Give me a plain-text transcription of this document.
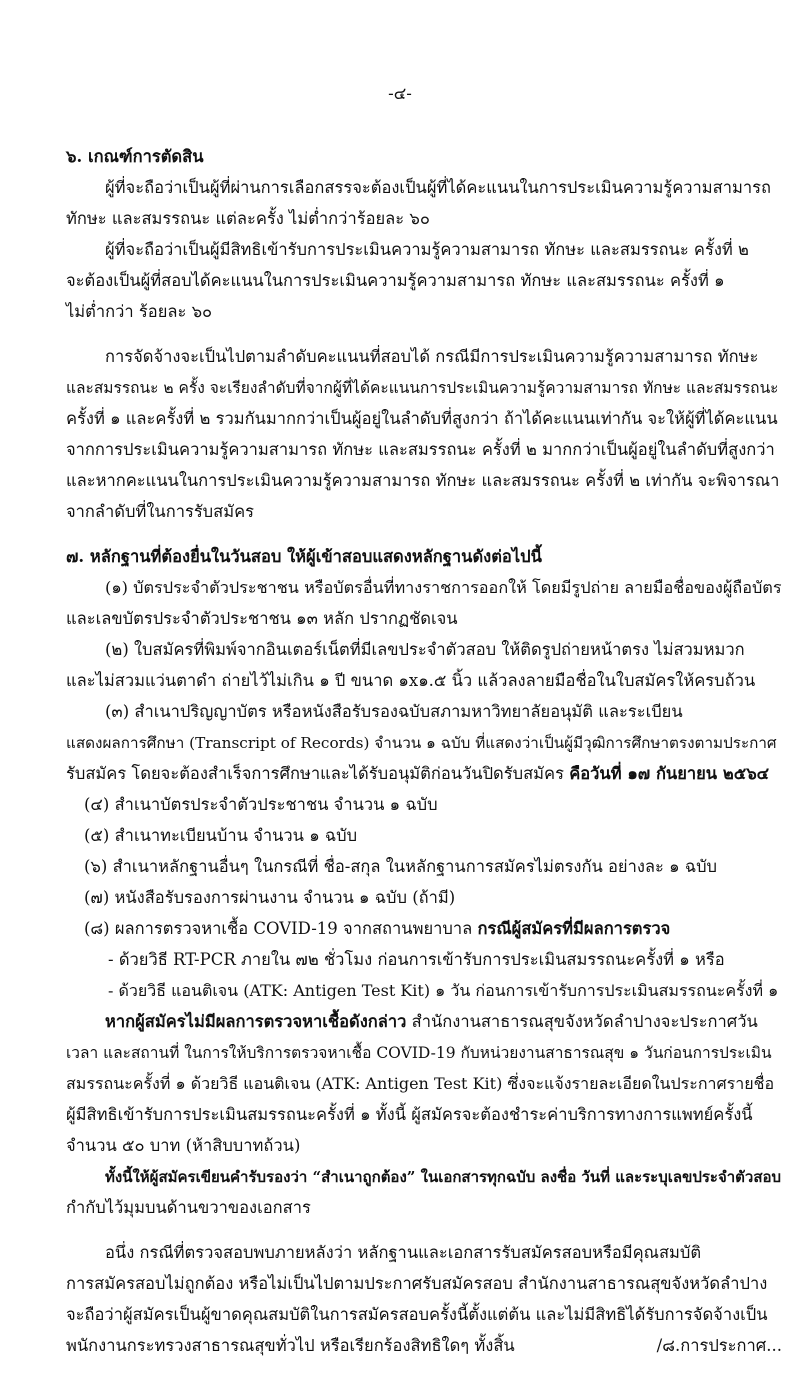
-๔-
๖. เกณฑ์การตัดสิน
ผู้ที่จะถือว่าเป็นผู้ที่ผ่านการเลือกสรรจะต้องเป็นผู้ที่ได้คะแนนในการประเมินความรู้ความสามารถ
ทักษะ และสมรรถนะ แต่ละครั้ง ไม่ต่ำกว่าร้อยละ ๖๐
ผู้ที่จะถือว่าเป็นผู้มีสิทธิเข้ารับการประเมินความรู้ความสามารถ ทักษะ และสมรรถนะ ครั้งที่ ๒
จะต้องเป็นผู้ที่สอบได้คะแนนในการประเมินความรู้ความสามารถ ทักษะ และสมรรถนะ ครั้งที่ ๑
ไม่ต่ำกว่า ร้อยละ ๖๐
การจัดจ้างจะเป็นไปตามลำดับคะแนนที่สอบได้ กรณีมีการประเมินความรู้ความสามารถ ทักษะ
และสมรรถนะ ๒ ครั้ง จะเรียงลำดับที่จากผู้ที่ได้คะแนนการประเมินความรู้ความสามารถ ทักษะ และสมรรถนะ
ครั้งที่ ๑ และครั้งที่ ๒ รวมกันมากกว่าเป็นผู้อยู่ในลำดับที่สูงกว่า ถ้าได้คะแนนเท่ากัน จะให้ผู้ที่ได้คะแนน
จากการประเมินความรู้ความสามารถ ทักษะ และสมรรถนะ ครั้งที่ ๒ มากกว่าเป็นผู้อยู่ในลำดับที่สูงกว่า
และหากคะแนนในการประเมินความรู้ความสามารถ ทักษะ และสมรรถนะ ครั้งที่ ๒ เท่ากัน จะพิจารณา
จากลำดับที่ในการรับสมัคร
๗. หลักฐานที่ต้องยื่นในวันสอบ ให้ผู้เข้าสอบแสดงหลักฐานดังต่อไปนี้
(๑) บัตรประจำตัวประชาชน หรือบัตรอื่นที่ทางราชการออกให้ โดยมีรูปถ่าย ลายมือชื่อของผู้ถือบัตร
และเลขบัตรประจำตัวประชาชน ๑๓ หลัก ปรากฏชัดเจน
(๒) ใบสมัครที่พิมพ์จากอินเตอร์เน็ตที่มีเลขประจำตัวสอบ ให้ติดรูปถ่ายหน้าตรง ไม่สวมหมวก
และไม่สวมแว่นตาดำ ถ่ายไว้ไม่เกิน ๑ ปี ขนาด ๑x๑.๕ นิ้ว แล้วลงลายมือชื่อในใบสมัครให้ครบถ้วน
(๓) สำเนาปริญญาบัตร หรือหนังสือรับรองฉบับสภามหาวิทยาลัยอนุมัติ และระเบียน
แสดงผลการศึกษา (Transcript of Records) จำนวน ๑ ฉบับ ที่แสดงว่าเป็นผู้มีวุฒิการศึกษาตรงตามประกาศ
รับสมัคร โดยจะต้องสำเร็จการศึกษาและได้รับอนุมัติก่อนวันปิดรับสมัคร คือวันที่ ๑๗ กันยายน ๒๕๖๔
(๔) สำเนาบัตรประจำตัวประชาชน จำนวน ๑ ฉบับ
(๕) สำเนาทะเบียนบ้าน จำนวน ๑ ฉบับ
(๖) สำเนาหลักฐานอื่นๆ ในกรณีที่ ชื่อ-สกุล ในหลักฐานการสมัครไม่ตรงกัน อย่างละ ๑ ฉบับ
(๗) หนังสือรับรองการผ่านงาน จำนวน ๑ ฉบับ (ถ้ามี)
(๘) ผลการตรวจหาเชื้อ COVID-19 จากสถานพยาบาล กรณีผู้สมัครที่มีผลการตรวจ
- ด้วยวิธี RT-PCR ภายใน ๗๒ ชั่วโมง ก่อนการเข้ารับการประเมินสมรรถนะครั้งที่ ๑ หรือ
- ด้วยวิธี แอนติเจน (ATK: Antigen Test Kit) ๑ วัน ก่อนการเข้ารับการประเมินสมรรถนะครั้งที่ ๑
หากผู้สมัครไม่มีผลการตรวจหาเชื้อดังกล่าว สำนักงานสาธารณสุขจังหวัดลำปางจะประกาศวัน
เวลา และสถานที่ ในการให้บริการตรวจหาเชื้อ COVID-19 กับหน่วยงานสาธารณสุข ๑ วันก่อนการประเมิน
สมรรถนะครั้งที่ ๑ ด้วยวิธี แอนติเจน (ATK: Antigen Test Kit) ซึ่งจะแจ้งรายละเอียดในประกาศรายชื่อ
ผู้มีสิทธิเข้ารับการประเมินสมรรถนะครั้งที่ ๑ ทั้งนี้ ผู้สมัครจะต้องชำระค่าบริการทางการแพทย์ครั้งนี้
จำนวน ๕๐ บาท (ห้าสิบบาทถ้วน)
ทั้งนี้ให้ผู้สมัครเขียนคำรับรองว่า “สำเนาถูกต้อง” ในเอกสารทุกฉบับ ลงชื่อ วันที่ และระบุเลขประจำตัวสอบ
กำกับไว้มุมบนด้านขวาของเอกสาร
อนึ่ง กรณีที่ตรวจสอบพบภายหลังว่า หลักฐานและเอกสารรับสมัครสอบหรือมีคุณสมบัติ
การสมัครสอบไม่ถูกต้อง หรือไม่เป็นไปตามประกาศรับสมัครสอบ สำนักงานสาธารณสุขจังหวัดลำปาง
จะถือว่าผู้สมัครเป็นผู้ขาดคุณสมบัติในการสมัครสอบครั้งนี้ตั้งแต่ต้น และไม่มีสิทธิได้รับการจัดจ้างเป็น
พนักงานกระทรวงสาธารณสุขทั่วไป หรือเรียกร้องสิทธิใดๆ ทั้งสิ้น	/๘.การประกาศ...
